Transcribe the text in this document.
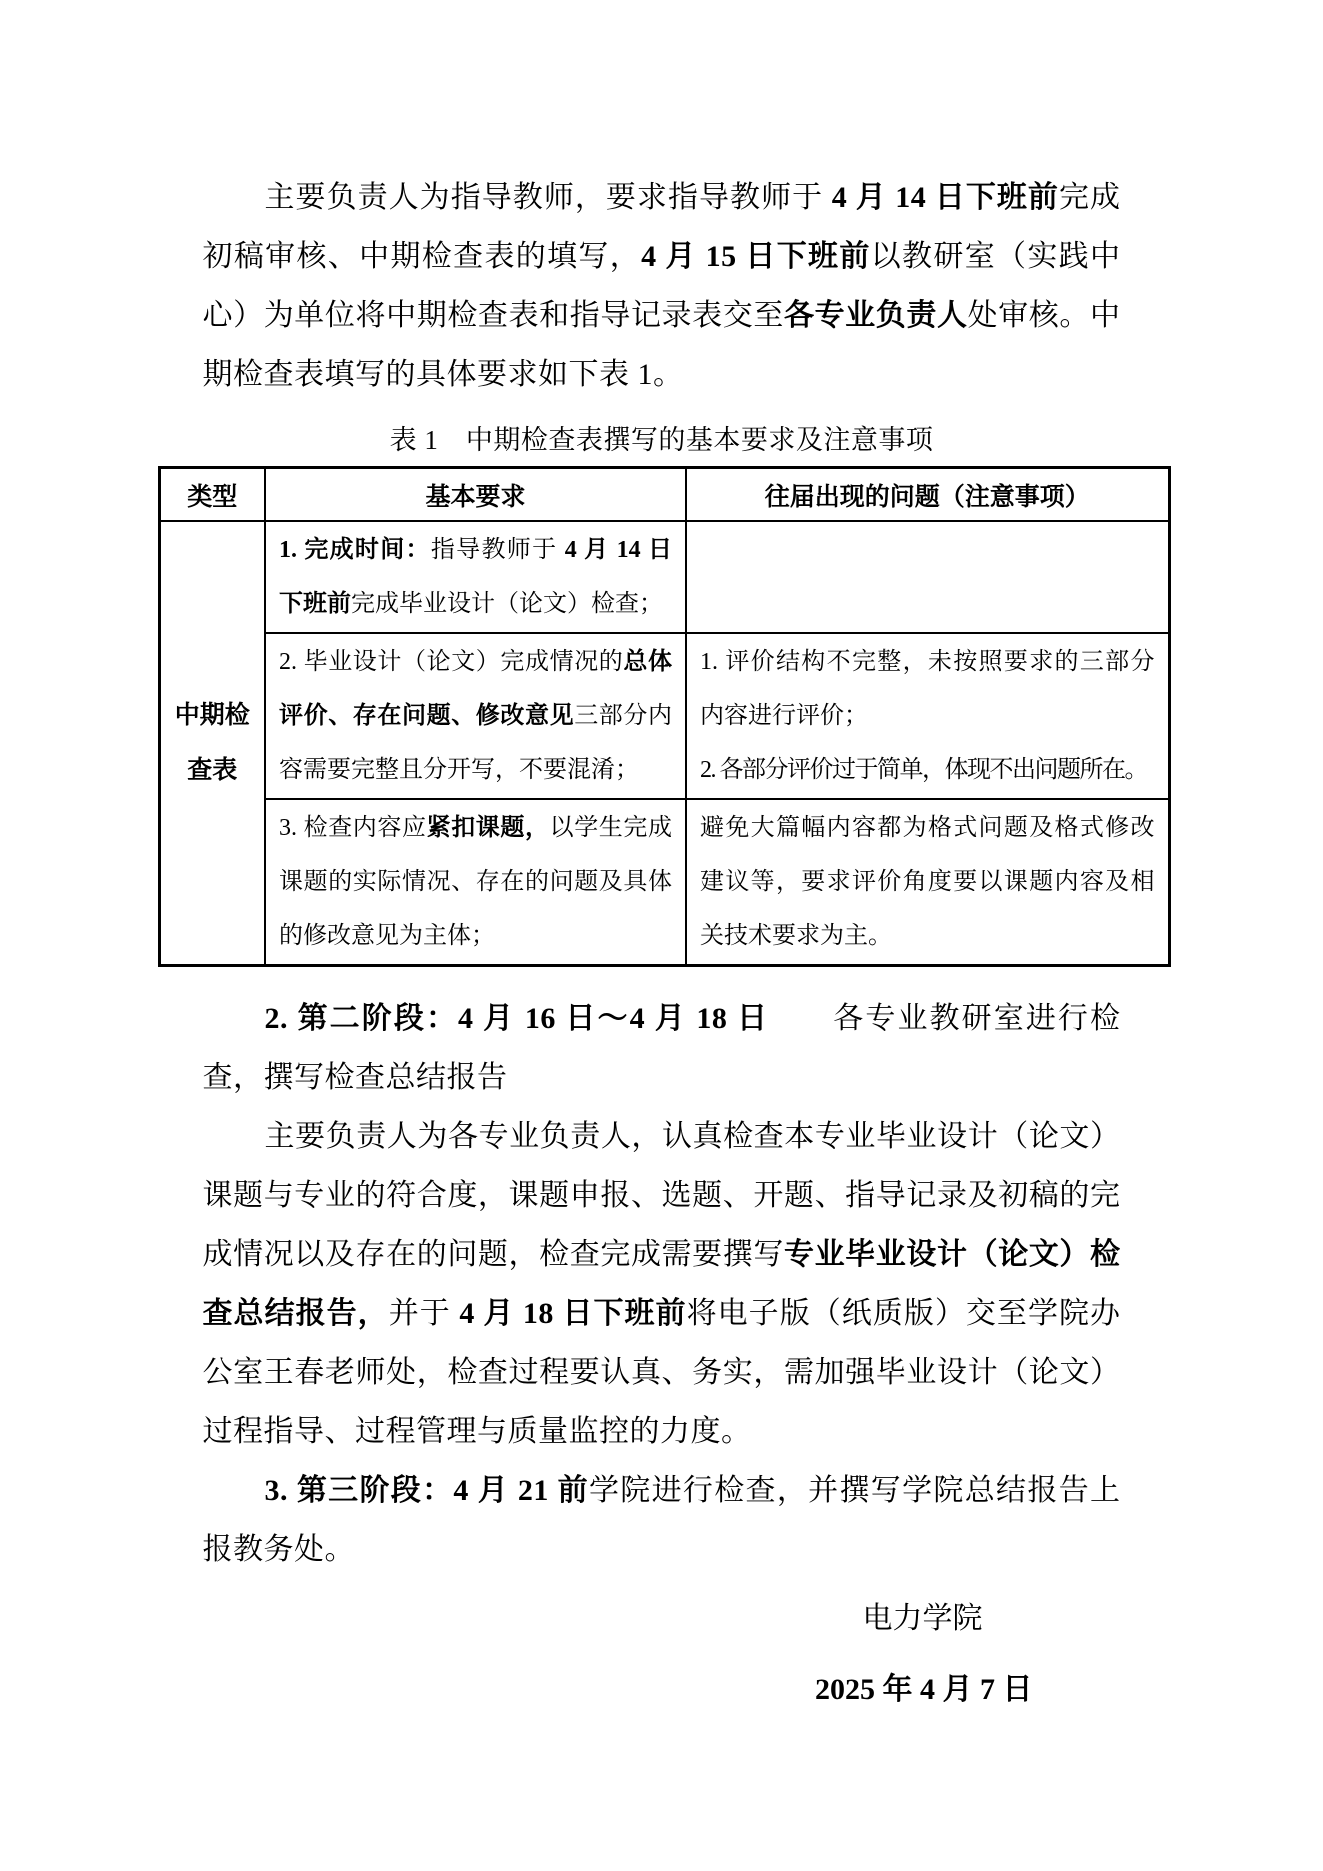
主要负责人为指导教师，要求指导教师于 4 月 14 日下班前完成初稿审核、中期检查表的填写，4 月 15 日下班前以教研室（实践中心）为单位将中期检查表和指导记录表交至各专业负责人处审核。中期检查表填写的具体要求如下表 1。

表 1　中期检查表撰写的基本要求及注意事项
类型	基本要求	往届出现的问题（注意事项）
中期检查表	1. 完成时间：指导教师于 4 月 14 日下班前完成毕业设计（论文）检查；	
	2. 毕业设计（论文）完成情况的总体评价、存在问题、修改意见三部分内容需要完整且分开写，不要混淆；	1. 评价结构不完整，未按照要求的三部分内容进行评价；
2. 各部分评价过于简单，体现不出问题所在。

	3. 检查内容应紧扣课题，以学生完成课题的实际情况、存在的问题及具体的修改意见为主体；	避免大篇幅内容都为格式问题及格式修改建议等，要求评价角度要以课题内容及相关技术要求为主。

2. 第二阶段：4 月 16 日～4 月 18 日　　各专业教研室进行检查，撰写检查总结报告

主要负责人为各专业负责人，认真检查本专业毕业设计（论文）课题与专业的符合度，课题申报、选题、开题、指导记录及初稿的完成情况以及存在的问题，检查完成需要撰写专业毕业设计（论文）检查总结报告，并于 4 月 18 日下班前将电子版（纸质版）交至学院办公室王春老师处，检查过程要认真、务实，需加强毕业设计（论文）过程指导、过程管理与质量监控的力度。

3. 第三阶段：4 月 21 前学院进行检查，并撰写学院总结报告上报教务处。

电力学院
2025 年 4 月 7 日
